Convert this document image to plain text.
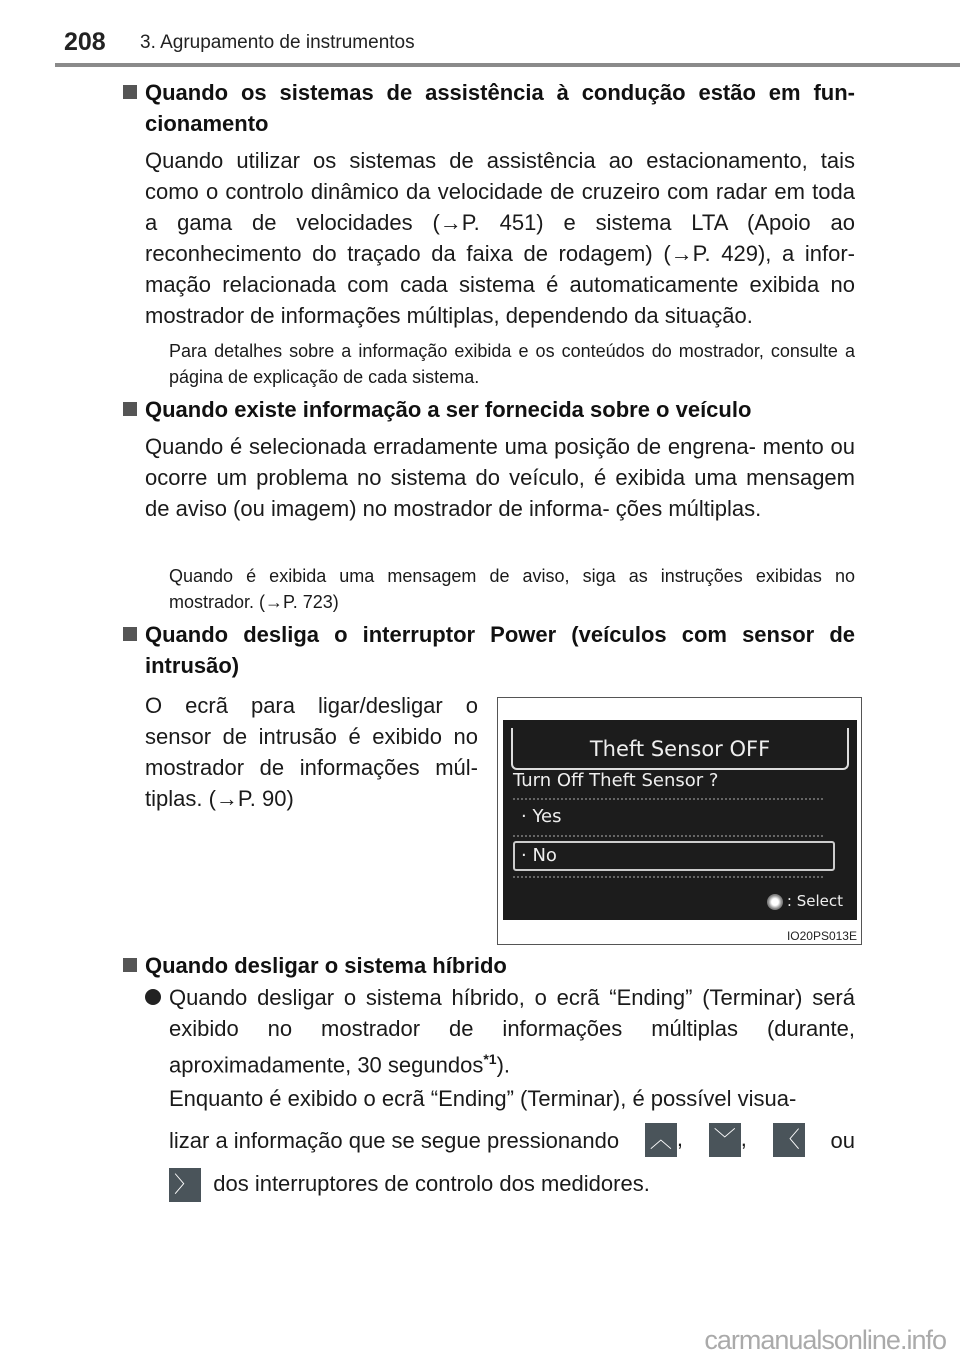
208 3. Agrupamento de instrumentos
Quando os sistemas de assistência à condução estão em fun- cionamento
Quando utilizar os sistemas de assistência ao estacionamento, tais como o controlo dinâmico da velocidade de cruzeiro com radar em toda a gama de velocidades (→P. 451) e sistema LTA (Apoio ao reconhecimento do traçado da faixa de rodagem) (→P. 429), a infor- mação relacionada com cada sistema é automaticamente exibida no mostrador de informações múltiplas, dependendo da situação.
Para detalhes sobre a informação exibida e os conteúdos do mostrador, consulte a página de explicação de cada sistema.
Quando existe informação a ser fornecida sobre o veículo
Quando é selecionada erradamente uma posição de engrena- mento ou ocorre um problema no sistema do veículo, é exibida uma mensagem de aviso (ou imagem) no mostrador de informa- ções múltiplas.
Quando é exibida uma mensagem de aviso, siga as instruções exibidas no mostrador. (→P. 723)
Quando desliga o interruptor Power (veículos com sensor de intrusão)
O ecrã para ligar/desligar o sensor de intrusão é exibido no mostrador de informações múl- tiplas. (→P. 90)
Theft Sensor OFF
Turn Off Theft Sensor ?
· Yes
· No
: Select
IO20PS013E
Quando desligar o sistema híbrido
Quando desligar o sistema híbrido, o ecrã “Ending” (Terminar) será exibido no mostrador de informações múltiplas (durante, aproximadamente, 30 segundos$^{*1}$).
Enquanto é exibido o ecrã “Ending” (Terminar), é possível visua-
lizar a informação que se segue pressionando ︿ , ﹀ , 〈 ou
〉 dos interruptores de controlo dos medidores.
carmanualsonline.info
